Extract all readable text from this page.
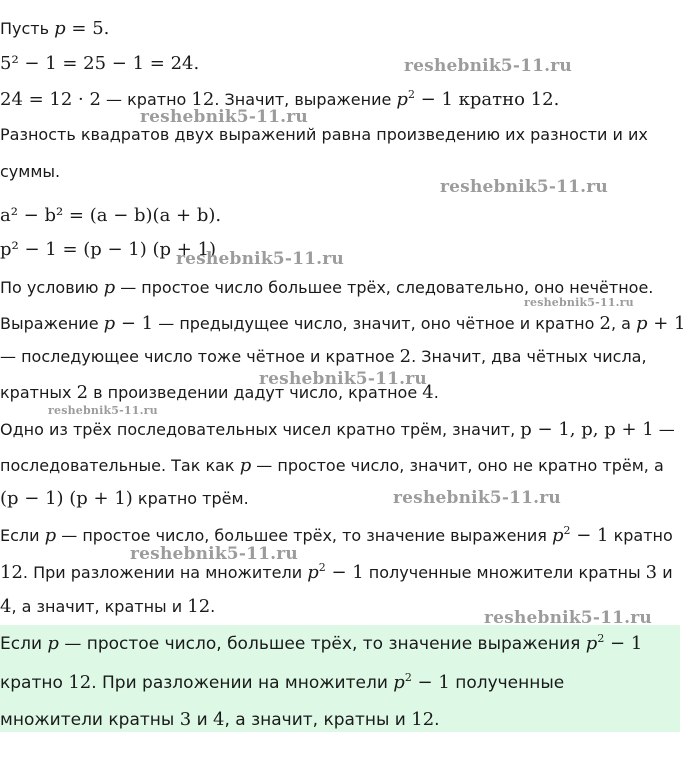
Пусть p = 5.
5² − 1 = 25 − 1 = 24.
24 = 12 · 2 — кратно 12. Значит, выражение $p^2 - 1$ кратно 12.
Разность квадратов двух выражений равна произведению их разности и их
суммы.
a² − b² = (a − b)(a + b).
p² − 1 = (p − 1) (p + 1)
По условию p — простое число большее трёх, следовательно, оно нечётное.
Выражение p − 1 — предыдущее число, значит, оно чётное и кратно 2, а p + 1
— последующее число тоже чётное и кратное 2. Значит, два чётных числа,
кратных 2 в произведении дадут число, кратное 4.
Одно из трёх последовательных чисел кратно трём, значит, p − 1, p, p + 1 —
последовательные. Так как p — простое число, значит, оно не кратно трём, а
(p − 1) (p + 1) кратно трём.
Если p — простое число, большее трёх, то значение выражения $p^2 - 1$ кратно
12. При разложении на множители $p^2 - 1$ полученные множители кратны 3 и
4, а значит, кратны и 12.
Если p — простое число, большее трёх, то значение выражения $p^2 - 1$
кратно 12. При разложении на множители $p^2 - 1$ полученные
множители кратны 3 и 4, а значит, кратны и 12.
reshebnik5-11.ru
reshebnik5-11.ru
reshebnik5-11.ru
reshebnik5-11.ru
reshebnik5-11.ru
reshebnik5-11.ru
reshebnik5-11.ru
reshebnik5-11.ru
reshebnik5-11.ru
reshebnik5-11.ru
